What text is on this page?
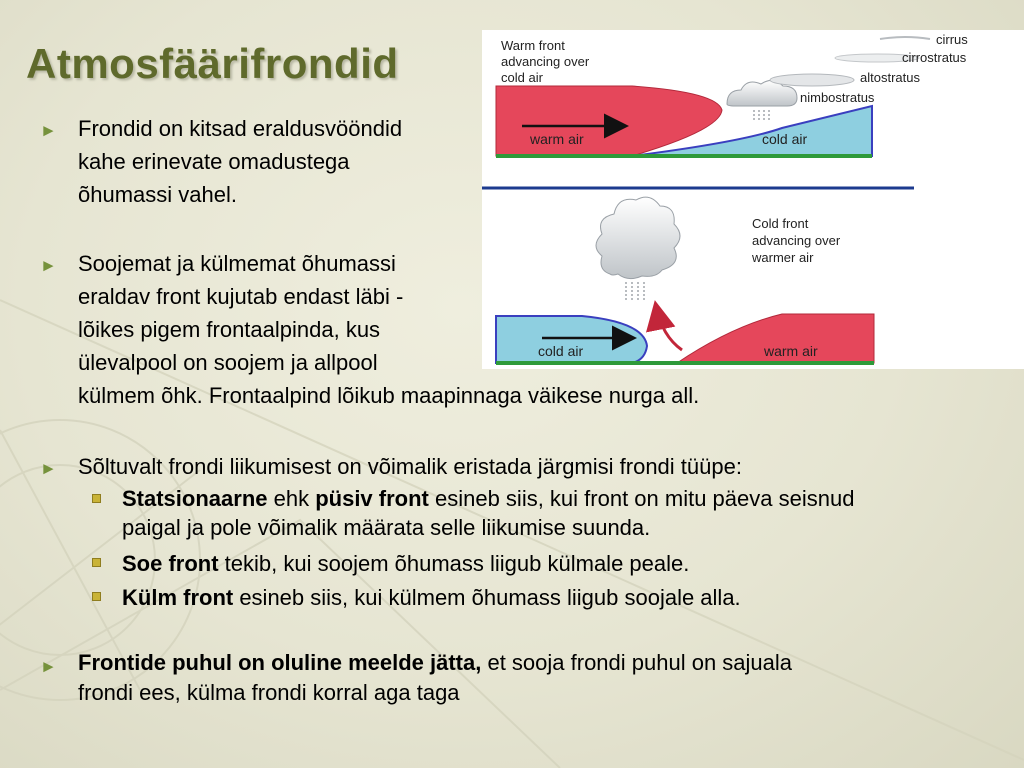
Atmosfäärifrondid
► Frondid on kitsad eraldusvööndid
kahe erinevate omadustega
õhumassi vahel.

► Soojemat ja külmemat õhumassi
eraldav front kujutab endast läbi -
lõikes pigem frontaalpinda, kus
ülevalpool on soojem ja allpool
külmem õhk. Frontaalpind lõikub maapinnaga väikese nurga all.

► Sõltuvalt frondi liikumisest on võimalik eristada järgmisi frondi tüüpe:

Statsionaarne ehk püsiv front esineb siis, kui front on mitu päeva seisnud
paigal ja pole võimalik määrata selle liikumise suunda.

Soe front tekib, kui soojem õhumass liigub külmale peale.

Külm front esineb siis, kui külmem õhumass liigub soojale alla.

► Frontide puhul on oluline meelde jätta, et sooja frondi puhul on sajuala
frondi ees, külma frondi korral aga taga

Warm front
advancing over
cold air
cirrus
cirrostratus
altostratus
nimbostratus
warm air	cold air
Cold front
advancing over
warmer air
cold air	warm air
